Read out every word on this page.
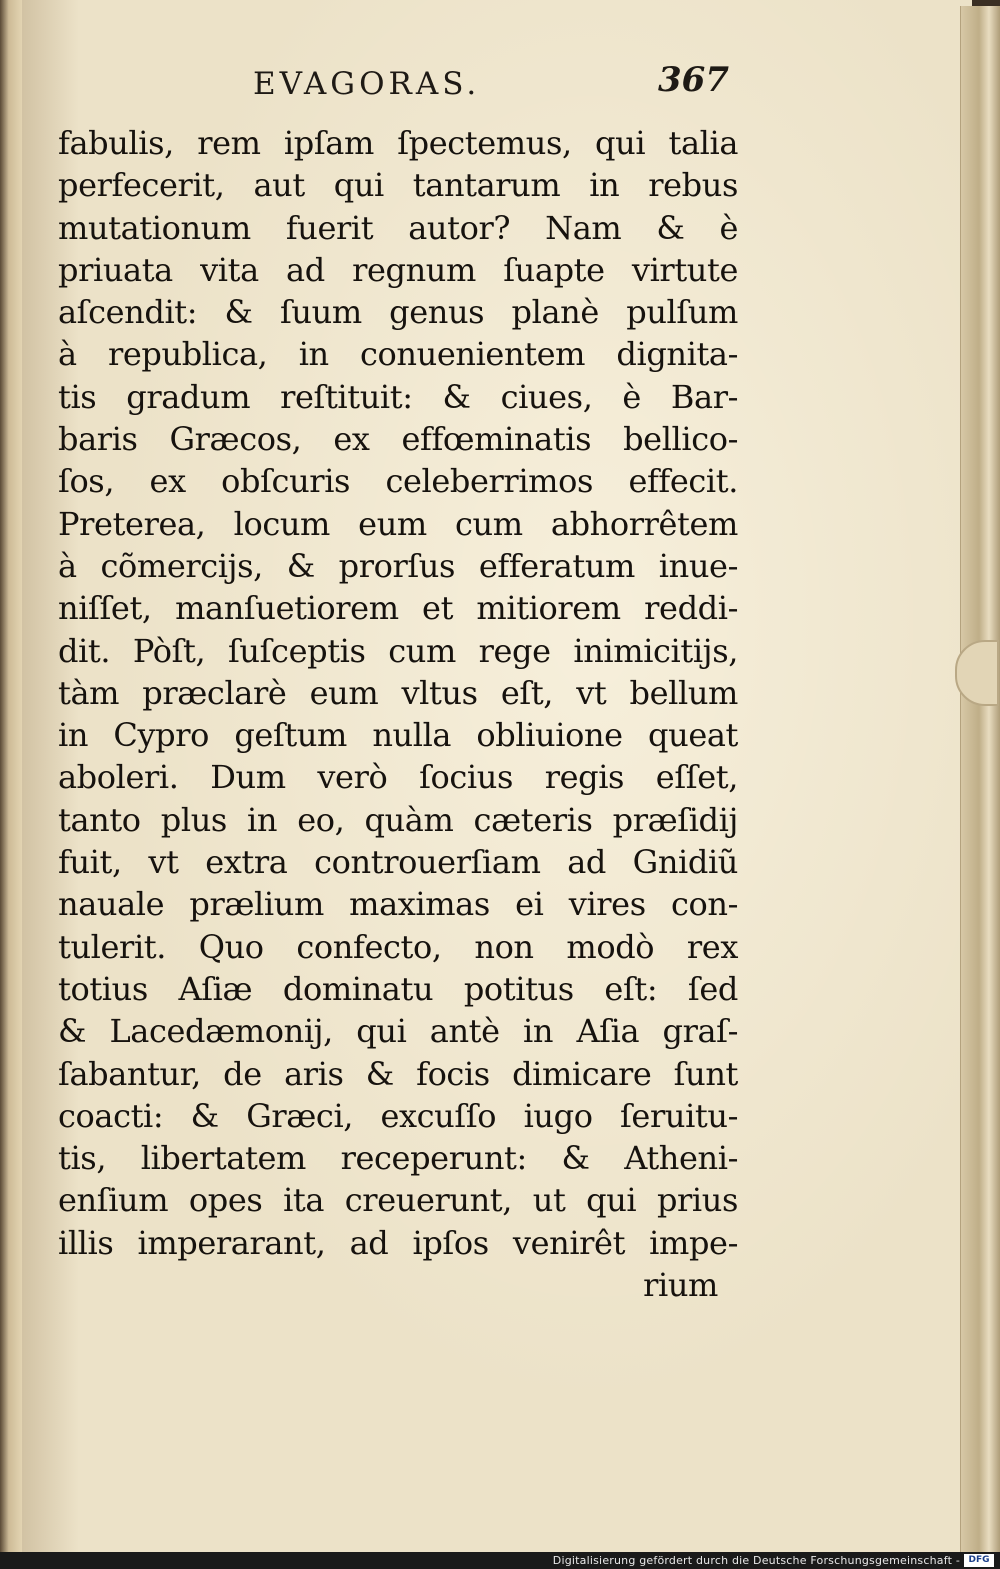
EVAGORAS.	367
fabulis, rem ipſam ſpectemus, qui talia
perfecerit, aut qui tantarum in rebus
mutationum fuerit autor? Nam & è
priuata vita ad regnum ſuapte virtute
aſcendit: & ſuum genus planè pulſum
à republica, in conuenientem dignita-
tis gradum reſtituit: & ciues, è Bar-
baris Græcos, ex effœminatis bellico-
ſos, ex obſcuris celeberrimos effecit.
Preterea, locum eum cum abhorrêtem
à cõmercijs, & prorſus efferatum inue-
niſſet, manſuetiorem et mitiorem reddi-
dit. Pòſt, ſuſceptis cum rege inimicitijs,
tàm præclarè eum vltus eſt, vt bellum
in Cypro geſtum nulla obliuione queat
aboleri. Dum verò ſocius regis eſſet,
tanto plus in eo, quàm cæteris præſidij
fuit, vt extra controuerſiam ad Gnidiũ
nauale prælium maximas ei vires con-
tulerit. Quo confecto, non modò rex
totius Aſiæ dominatu potitus eſt: ſed
& Lacedæmonij, qui antè in Aſia graſ-
ſabantur, de aris & focis dimicare ſunt
coacti: & Græci, excuſſo iugo ſeruitu-
tis, libertatem receperunt: & Atheni-
enſium opes ita creuerunt, ut qui prius
illis imperarant, ad ipſos venirêt impe-
rium
Digitalisierung gefördert durch die Deutsche Forschungsgemeinschaft - DFG
